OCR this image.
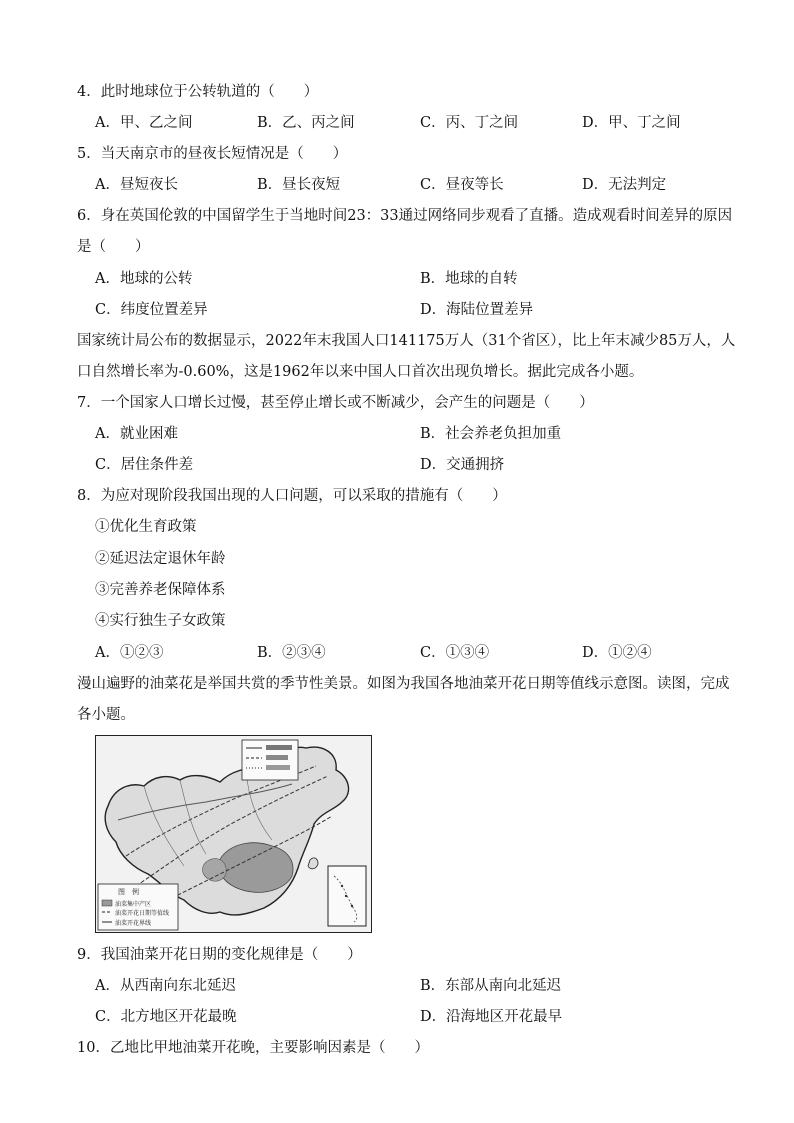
4．此时地球位于公转轨道的（　　）
A．甲、乙之间	B．乙、丙之间	C．丙、丁之间	D．甲、丁之间
5．当天南京市的昼夜长短情况是（　　）
A．昼短夜长	B．昼长夜短	C．昼夜等长	D．无法判定
6．身在英国伦敦的中国留学生于当地时间23：33通过网络同步观看了直播。造成观看时间差异的原因
是（　　）
A．地球的公转	B．地球的自转
C．纬度位置差异	D．海陆位置差异
国家统计局公布的数据显示，2022年末我国人口141175万人（31个省区），比上年末减少85万人，人
口自然增长率为-0.60%，这是1962年以来中国人口首次出现负增长。据此完成各小题。
7．一个国家人口增长过慢，甚至停止增长或不断减少，会产生的问题是（　　）
A．就业困难	B．社会养老负担加重
C．居住条件差	D．交通拥挤
8．为应对现阶段我国出现的人口问题，可以采取的措施有（　　）
①优化生育政策
②延迟法定退休年龄
③完善养老保障体系
④实行独生子女政策
A．①②③	B．②③④	C．①③④	D．①②④
漫山遍野的油菜花是举国共赏的季节性美景。如图为我国各地油菜开花日期等值线示意图。读图，完成
各小题。
图　例
油菜集中产区
油菜开花日期等值线
油菜开花界线
9．我国油菜开花日期的变化规律是（　　）
A．从西南向东北延迟	B．东部从南向北延迟
C．北方地区开花最晚	D．沿海地区开花最早
10．乙地比甲地油菜开花晚，主要影响因素是（　　）
